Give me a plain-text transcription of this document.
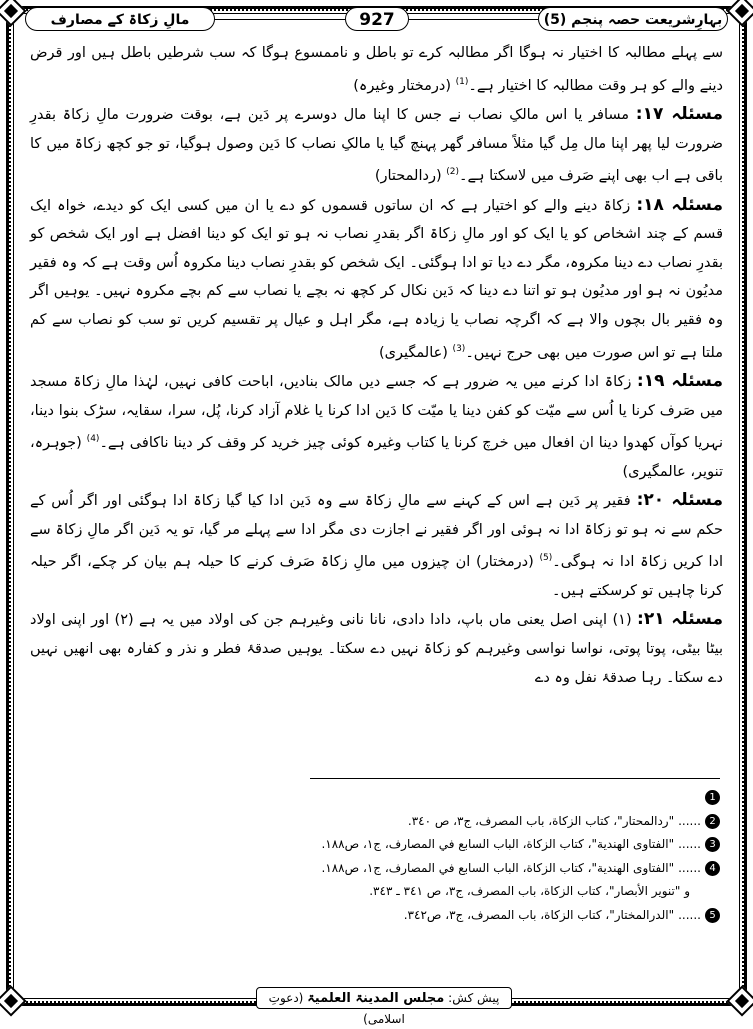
بہارِشریعت حصہ پنجم (5)
927
مالِ زکاۃ کے مصارف

سے پہلے مطالبہ کا اختیار نہ ہوگا اگر مطالبہ کرے تو باطل و ناممسوع ہوگا کہ سب شرطیں باطل ہیں اور قرض دینے والے کو ہر وقت مطالبہ کا اختیار ہے۔$^{(1)}$ (درمختار وغیرہ)

مسئلہ ۱۷: مسافر یا اس مالکِ نصاب نے جس کا اپنا مال دوسرے پر دَین ہے، بوقت ضرورت مالِ زکاۃ بقدرِ ضرورت لیا پھر اپنا مال مِل گیا مثلاً مسافر گھر پہنچ گیا یا مالکِ نصاب کا دَین وصول ہوگیا، تو جو کچھ زکاۃ میں کا باقی ہے اب بھی اپنے صَرف میں لاسکتا ہے۔$^{(2)}$ (ردالمحتار)

مسئلہ ۱۸: زکاۃ دینے والے کو اختیار ہے کہ ان ساتوں قسموں کو دے یا ان میں کسی ایک کو دیدے، خواہ ایک قسم کے چند اشخاص کو یا ایک کو اور مالِ زکاۃ اگر بقدرِ نصاب نہ ہو تو ایک کو دینا افضل ہے اور ایک شخص کو بقدرِ نصاب دے دینا مکروہ، مگر دے دیا تو ادا ہوگئی۔ ایک شخص کو بقدرِ نصاب دینا مکروہ اُس وقت ہے کہ وہ فقیر مدیُون نہ ہو اور مدیُون ہو تو اتنا دے دینا کہ دَین نکال کر کچھ نہ بچے یا نصاب سے کم بچے مکروہ نہیں۔ یوہیں اگر وہ فقیر بال بچوں والا ہے کہ اگرچہ نصاب یا زیادہ ہے، مگر اہل و عیال پر تقسیم کریں تو سب کو نصاب سے کم ملتا ہے تو اس صورت میں بھی حرج نہیں۔$^{(3)}$ (عالمگیری)

مسئلہ ۱۹: زکاۃ ادا کرنے میں یہ ضرور ہے کہ جسے دیں مالک بنادیں، اباحت کافی نہیں، لہٰذا مالِ زکاۃ مسجد میں صَرف کرنا یا اُس سے میّت کو کفن دینا یا میّت کا دَین ادا کرنا یا غلام آزاد کرنا، پُل، سرا، سقایہ، سڑک بنوا دینا، نہریا کوآں کھدوا دینا ان افعال میں خرچ کرنا یا کتاب وغیرہ کوئی چیز خرید کر وقف کر دینا ناکافی ہے۔$^{(4)}$ (جوہرہ، تنویر، عالمگیری)

مسئلہ ۲۰: فقیر پر دَین ہے اس کے کہنے سے مالِ زکاۃ سے وہ دَین ادا کیا گیا زکاۃ ادا ہوگئی اور اگر اُس کے حکم سے نہ ہو تو زکاۃ ادا نہ ہوئی اور اگر فقیر نے اجازت دی مگر ادا سے پہلے مر گیا، تو یہ دَین اگر مالِ زکاۃ سے ادا کریں زکاۃ ادا نہ ہوگی۔$^{(5)}$ (درمختار) ان چیزوں میں مالِ زکاۃ صَرف کرنے کا حیلہ ہم بیان کر چکے، اگر حیلہ کرنا چاہیں تو کرسکتے ہیں۔

مسئلہ ۲۱: (۱) اپنی اصل یعنی ماں باپ، دادا دادی، نانا نانی وغیرہم جن کی اولاد میں یہ ہے (۲) اور اپنی اولاد بیٹا بیٹی، پوتا پوتی، نواسا نواسی وغیرہم کو زکاۃ نہیں دے سکتا۔ یوہیں صدقۂ فطر و نذر و کفارہ بھی انھیں نہیں دے سکتا۔ رہا صدقۂ نفل وہ دے

1
2......"ردالمحتار"، كتاب الزكاة، باب المصرف، ج٣، ص ٣٤٠.
3......"الفتاوى الهندية"، كتاب الزكاة، الباب السابع في المصارف، ج١، ص١٨٨.
4......"الفتاوى الهندية"، كتاب الزكاة، الباب السابع في المصارف، ج١، ص١٨٨.
و "تنوير الأبصار"، كتاب الزكاة، باب المصرف، ج٣، ص ٣٤١ ـ ٣٤٣.
5......"الدرالمختار"، كتاب الزكاة، باب المصرف، ج٣، ص٣٤٢.
پیش کش: مجلس المدینۃ العلمیۃ (دعوتِ اسلامی)
